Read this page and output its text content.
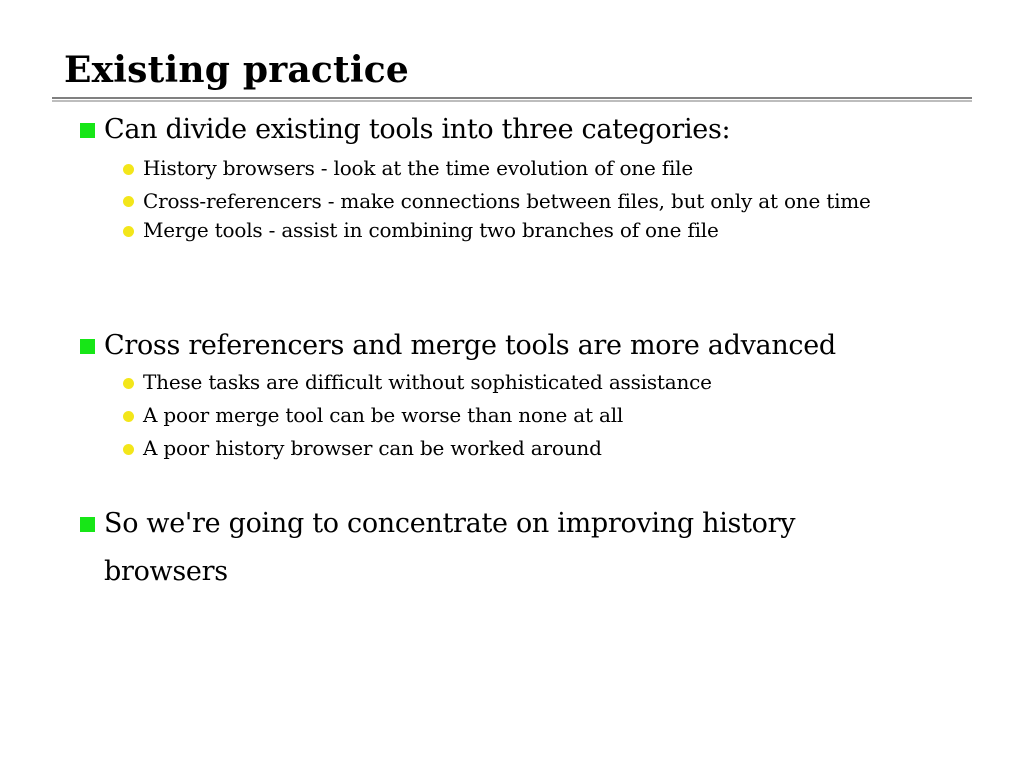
Existing practice
Can divide existing tools into three categories:
History browsers - look at the time evolution of one file
Cross-referencers - make connections between files, but only at one time
Merge tools - assist in combining two branches of one file
Cross referencers and merge tools are more advanced
These tasks are difficult without sophisticated assistance
A poor merge tool can be worse than none at all
A poor history browser can be worked around
So we're going to concentrate on improving history browsers
